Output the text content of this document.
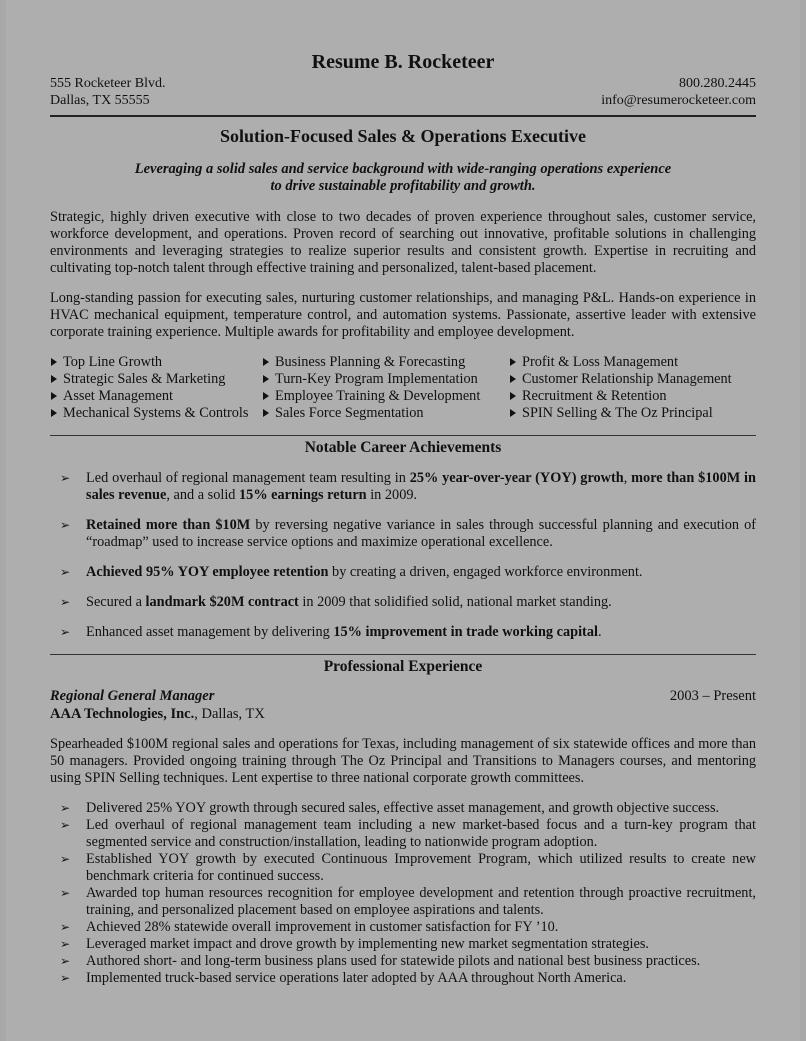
Resume B. Rocketeer
555 Rocketeer Blvd.
Dallas, TX 55555
800.280.2445
info@resumerocketeer.com
Solution-Focused Sales & Operations Executive
Leveraging a solid sales and service background with wide-ranging operations experience
to drive sustainable profitability and growth.
Strategic, highly driven executive with close to two decades of proven experience throughout sales, customer service, workforce development, and operations. Proven record of searching out innovative, profitable solutions in challenging environments and leveraging strategies to realize superior results and consistent growth. Expertise in recruiting and cultivating top-notch talent through effective training and personalized, talent-based placement.
Long-standing passion for executing sales, nurturing customer relationships, and managing P&L. Hands-on experience in HVAC mechanical equipment, temperature control, and automation systems. Passionate, assertive leader with extensive corporate training experience. Multiple awards for profitability and employee development.
Top Line Growth
Strategic Sales & Marketing
Asset Management
Mechanical Systems & Controls
Business Planning & Forecasting
Turn-Key Program Implementation
Employee Training & Development
Sales Force Segmentation
Profit & Loss Management
Customer Relationship Management
Recruitment & Retention
SPIN Selling & The Oz Principal
Notable Career Achievements
➢ Led overhaul of regional management team resulting in 25% year-over-year (YOY) growth, more than $100M in sales revenue, and a solid 15% earnings return in 2009.
➢ Retained more than $10M by reversing negative variance in sales through successful planning and execution of “roadmap” used to increase service options and maximize operational excellence.
➢ Achieved 95% YOY employee retention by creating a driven, engaged workforce environment.
➢ Secured a landmark $20M contract in 2009 that solidified solid, national market standing.
➢ Enhanced asset management by delivering 15% improvement in trade working capital.
Professional Experience
Regional General Manager	2003 – Present
AAA Technologies, Inc., Dallas, TX
Spearheaded $100M regional sales and operations for Texas, including management of six statewide offices and more than 50 managers. Provided ongoing training through The Oz Principal and Transitions to Managers courses, and mentoring using SPIN Selling techniques. Lent expertise to three national corporate growth committees.
➢ Delivered 25% YOY growth through secured sales, effective asset management, and growth objective success.
➢ Led overhaul of regional management team including a new market-based focus and a turn-key program that segmented service and construction/installation, leading to nationwide program adoption.
➢ Established YOY growth by executed Continuous Improvement Program, which utilized results to create new benchmark criteria for continued success.
➢ Awarded top human resources recognition for employee development and retention through proactive recruitment, training, and personalized placement based on employee aspirations and talents.
➢ Achieved 28% statewide overall improvement in customer satisfaction for FY ’10.
➢ Leveraged market impact and drove growth by implementing new market segmentation strategies.
➢ Authored short- and long-term business plans used for statewide pilots and national best business practices.
➢ Implemented truck-based service operations later adopted by AAA throughout North America.
